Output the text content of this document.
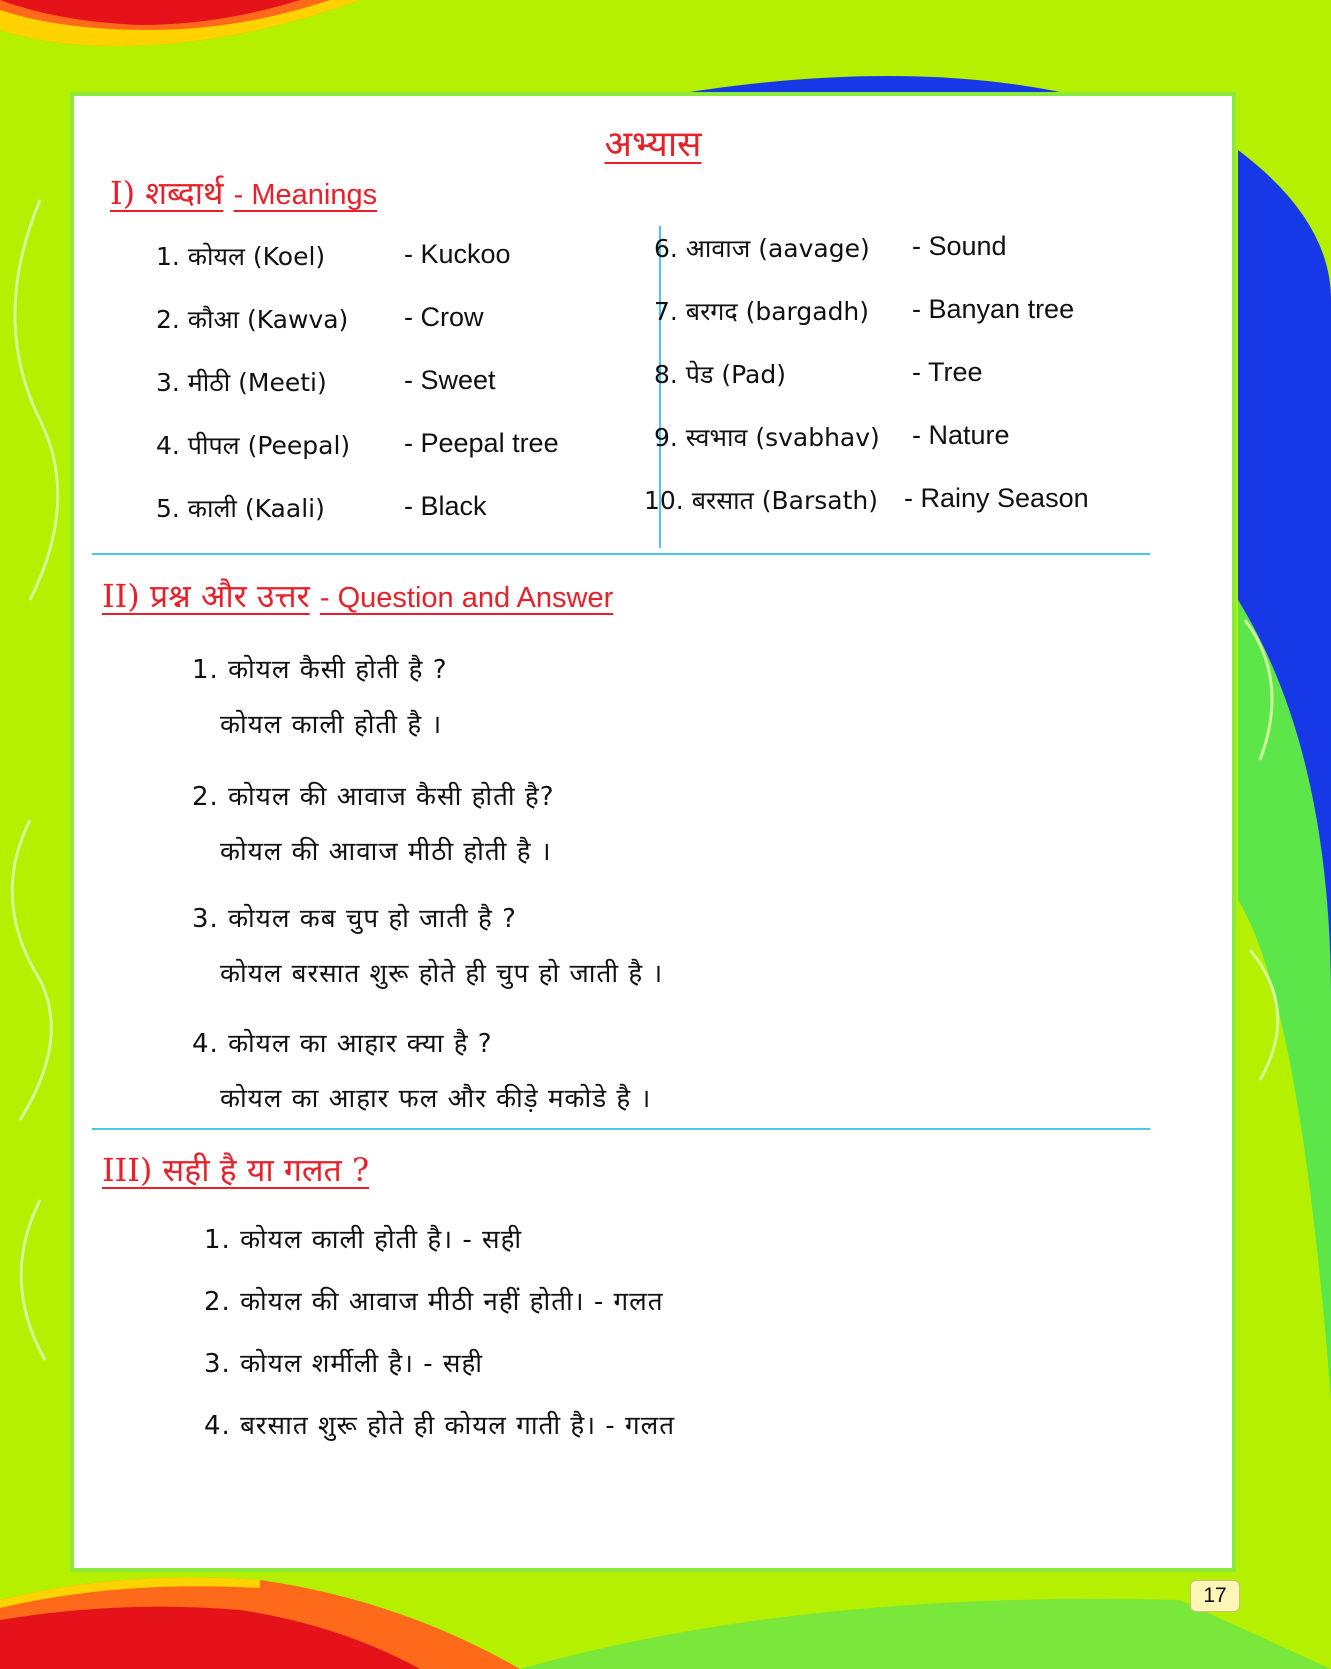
अभ्यास
I) शब्दार्थ - Meanings
1. कोयल (Koel)	- Kuckoo
2. कौआ (Kawva) - Crow
3. मीठी (Meeti)	- Sweet
4. पीपल (Peepal) - Peepal tree
5. काली (Kaali)	- Black
6. आवाज (aavage) - Sound
7. बरगद (bargadh) - Banyan tree
8. पेड (Pad)	- Tree
9. स्वभाव (svabhav) - Nature
10. बरसात (Barsath) - Rainy Season
II) प्रश्न और उत्तर - Question and Answer
1. कोयल कैसी होती है ?
कोयल काली होती है ।
2. कोयल की आवाज कैसी होती है?
कोयल की आवाज मीठी होती है ।
3. कोयल कब चुप हो जाती है ?
कोयल बरसात शुरू होते ही चुप हो जाती है ।
4. कोयल का आहार क्या है ?
कोयल का आहार फल और कीड़े मकोडे है ।
III) सही है या गलत ?
1. कोयल काली होती है। - सही
2. कोयल की आवाज मीठी नहीं होती। - गलत
3. कोयल शर्मीली है। - सही
4. बरसात शुरू होते ही कोयल गाती है। - गलत
17
